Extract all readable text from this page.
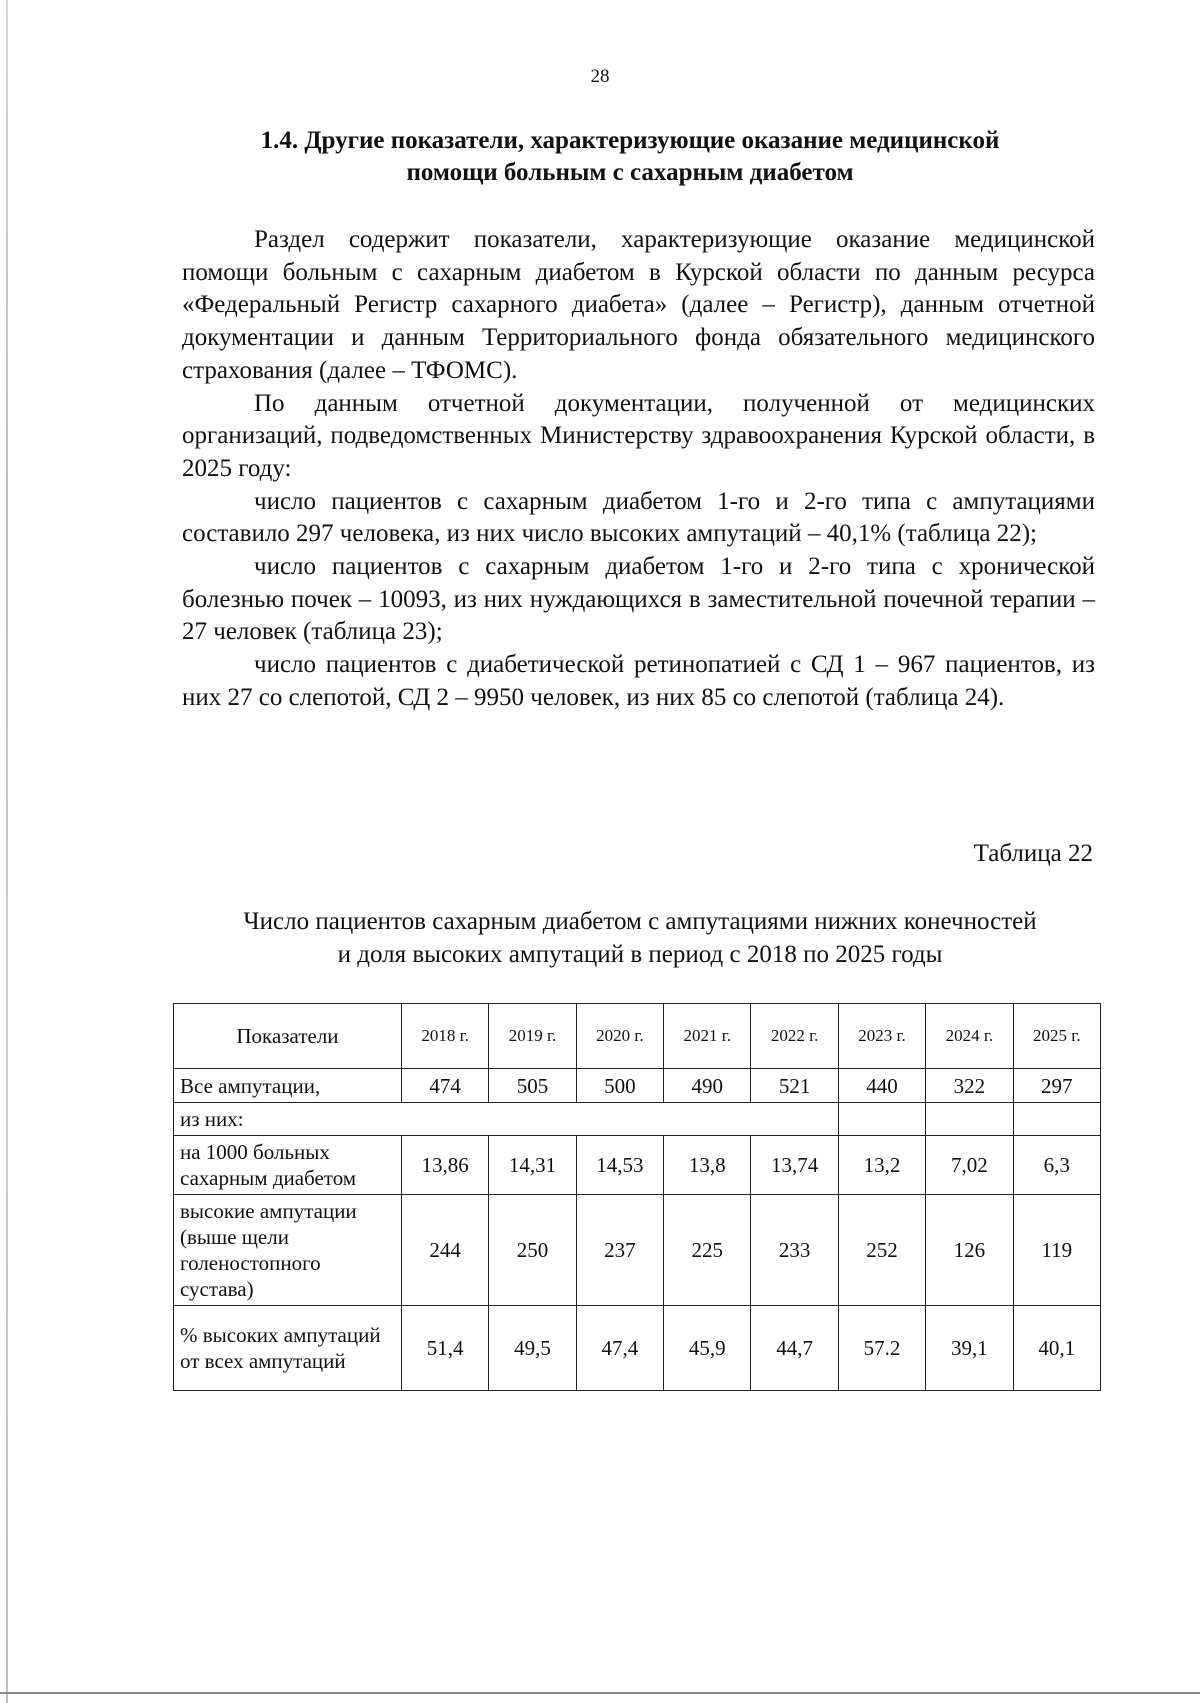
28
1.4. Другие показатели, характеризующие оказание медицинской
помощи больным с сахарным диабетом

Раздел содержит показатели, характеризующие оказание медицинской помощи больным с сахарным диабетом в Курской области по данным ресурса «Федеральный Регистр сахарного диабета» (далее – Регистр), данным отчетной документации и данным Территориального фонда обязательного медицинского страхования (далее – ТФОМС).

По данным отчетной документации, полученной от медицинских организаций, подведомственных Министерству здравоохранения Курской области, в 2025 году:

число пациентов с сахарным диабетом 1-го и 2-го типа с ампутациями составило 297 человека, из них число высоких ампутаций – 40,1% (таблица 22);

число пациентов с сахарным диабетом 1-го и 2-го типа с хронической болезнью почек – 10093, из них нуждающихся в заместительной почечной терапии – 27 человек (таблица 23);

число пациентов с диабетической ретинопатией с СД 1 – 967 пациентов, из них 27 со слепотой, СД 2 – 9950 человек, из них 85 со слепотой (таблица 24).

Таблица 22
Число пациентов сахарным диабетом с ампутациями нижних конечностей
и доля высоких ампутаций в период с 2018 по 2025 годы
Показатели	2018 г.	2019 г.	2020 г.	2021 г.	2022 г.	2023 г.	2024 г.	2025 г.
Все ампутации,	474	505	500	490	521	440	322	297
из них:								
на 1000 больных сахарным диабетом	13,86	14,31	14,53	13,8	13,74	13,2	7,02	6,3
высокие ампутации (выше щели голеностопного сустава)	244	250	237	225	233	252	126	119
% высоких ампутаций от всех ампутаций	51,4	49,5	47,4	45,9	44,7	57.2	39,1	40,1
